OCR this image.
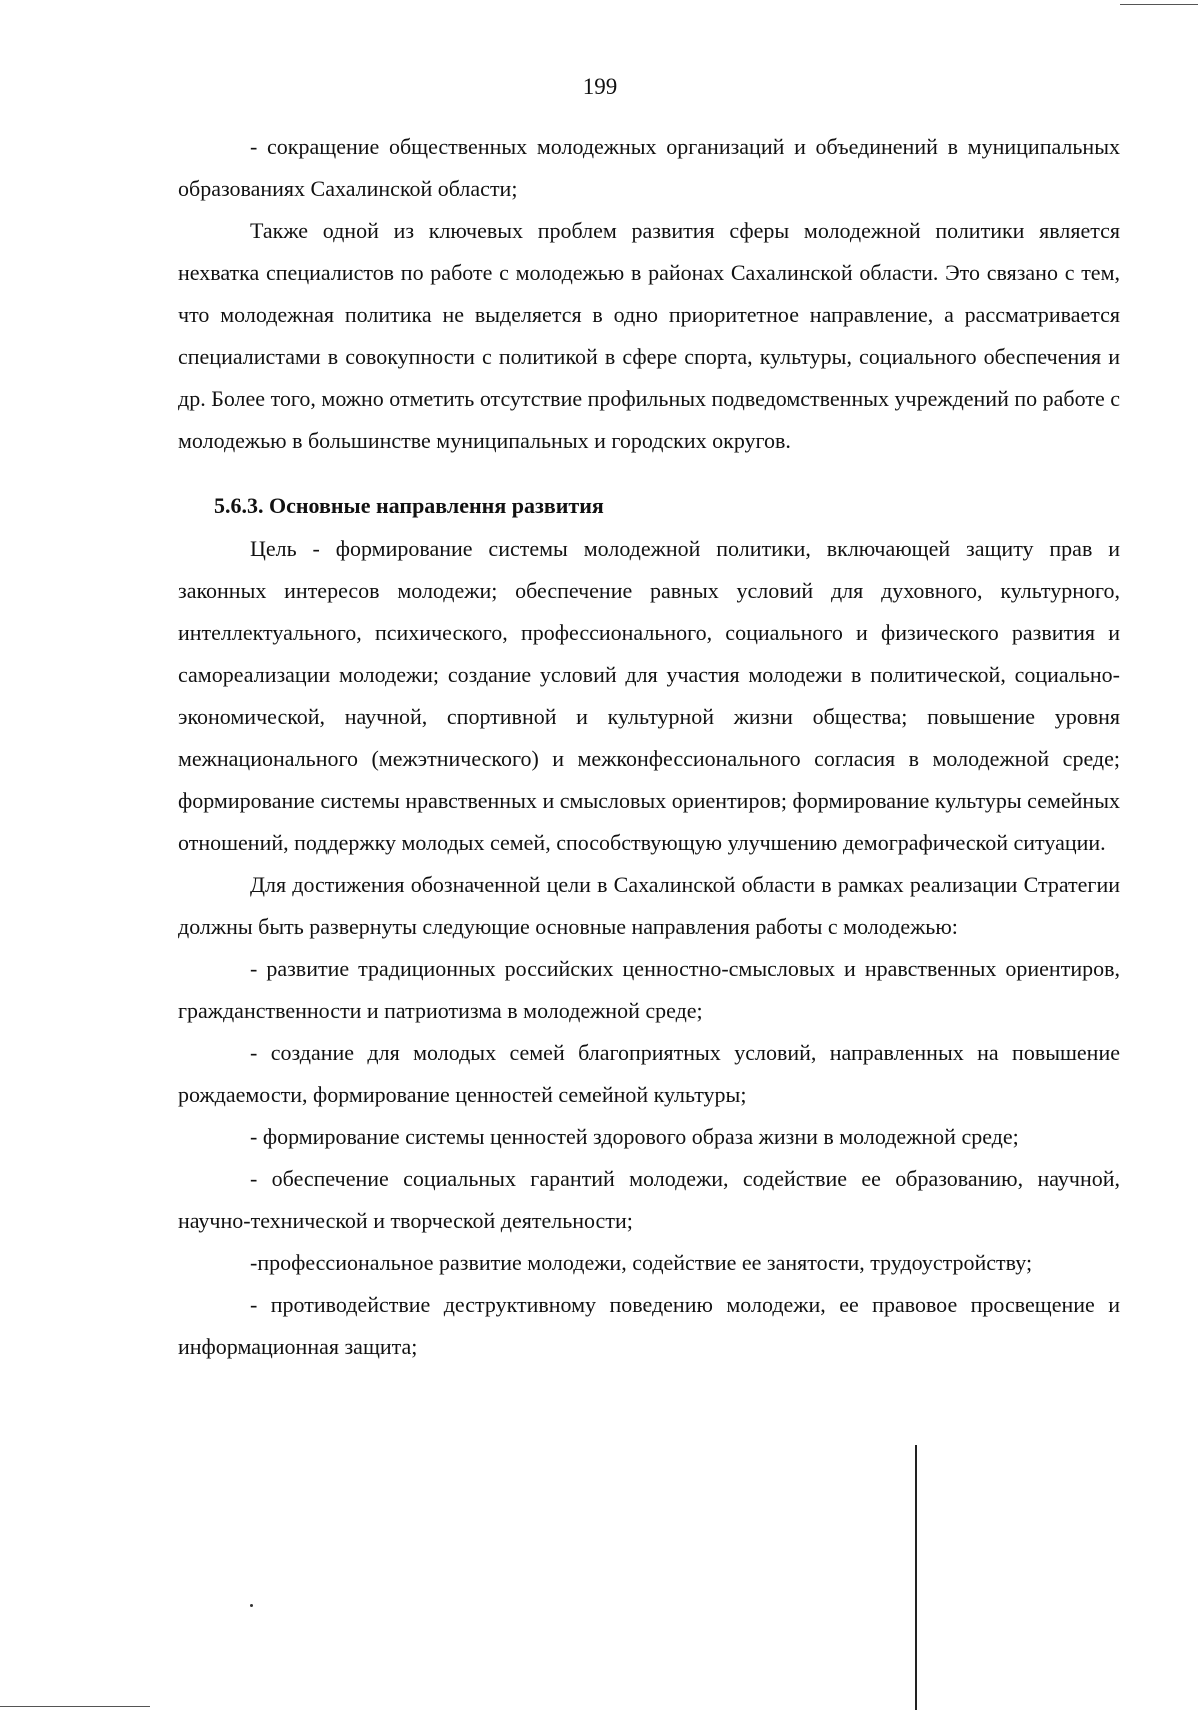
199

- сокращение общественных молодежных организаций и объединений в муниципальных образованиях Сахалинской области;

Также одной из ключевых проблем развития сферы молодежной политики является нехватка специалистов по работе с молодежью в районах Сахалинской области. Это связано с тем, что молодежная политика не выделяется в одно приоритетное направление, а рассматривается специалистами в совокупности с политикой в сфере спорта, культуры, социального обеспечения и др. Более того, можно отметить отсутствие профильных подведомственных учреждений по работе с молодежью в большинстве муниципальных и городских округов.

5.6.3. Основные направлення развития

Цель - формирование системы молодежной политики, включающей защиту прав и законных интересов молодежи; обеспечение равных условий для духовного, культурного, интеллектуального, психического, профессионального, социального и физического развития и самореализации молодежи; создание условий для участия молодежи в политической, социально-экономической, научной, спортивной и культурной жизни общества; повышение уровня межнационального (межэтнического) и межконфессионального согласия в молодежной среде; формирование системы нравственных и смысловых ориентиров; формирование культуры семейных отношений, поддержку молодых семей, способствующую улучшению демографической ситуации.

Для достижения обозначенной цели в Сахалинской области в рамках реализации Стратегии должны быть развернуты следующие основные направления работы с молодежью:

- развитие традиционных российских ценностно-смысловых и нравственных ориентиров, гражданственности и патриотизма в молодежной среде;

- создание для молодых семей благоприятных условий, направленных на повышение рождаемости, формирование ценностей семейной культуры;

- формирование системы ценностей здорового образа жизни в молодежной среде;

- обеспечение социальных гарантий молодежи, содействие ее образованию, научной, научно-технической и творческой деятельности;

-профессиональное развитие молодежи, содействие ее занятости, трудоустройству;

- противодействие деструктивному поведению молодежи, ее правовое просвещение и информационная защита;
